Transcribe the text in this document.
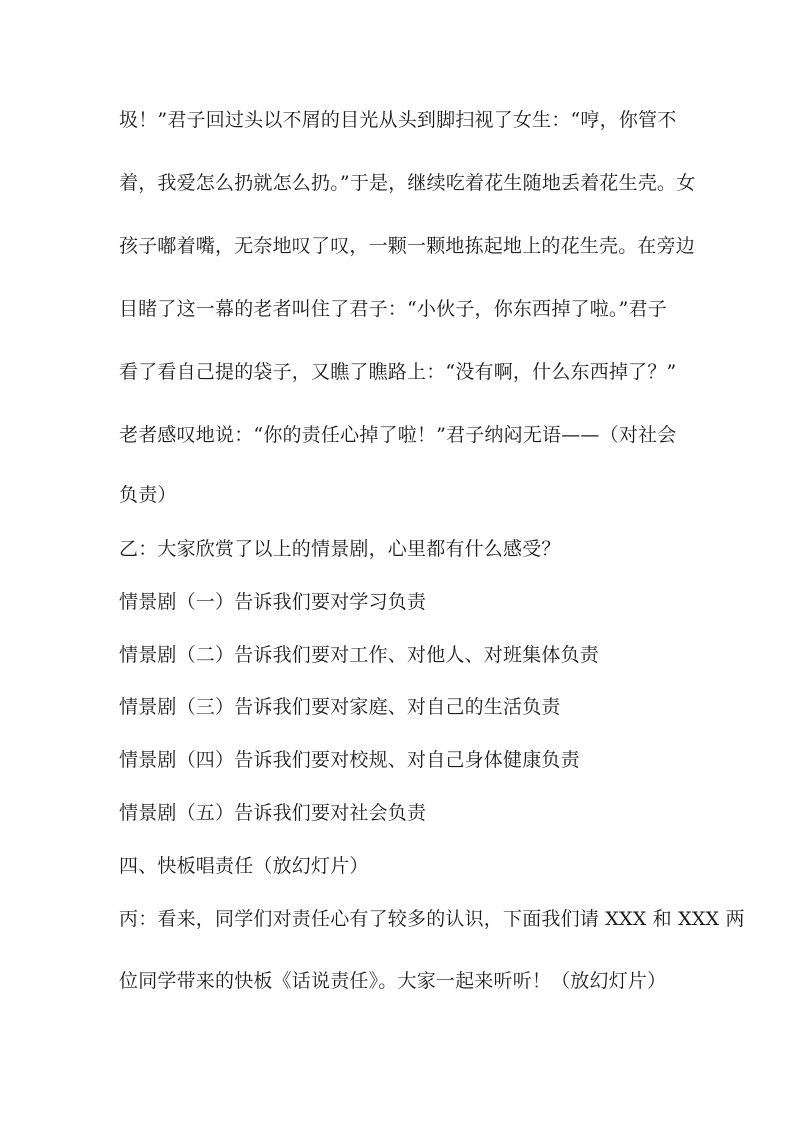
圾！”君子回过头以不屑的目光从头到脚扫视了女生：“哼，你管不
着，我爱怎么扔就怎么扔。”于是，继续吃着花生随地丢着花生壳。女
孩子嘟着嘴，无奈地叹了叹，一颗一颗地拣起地上的花生壳。在旁边
目睹了这一幕的老者叫住了君子：“小伙子，你东西掉了啦。”君子
看了看自己提的袋子，又瞧了瞧路上：“没有啊，什么东西掉了？”
老者感叹地说：“你的责任心掉了啦！”君子纳闷无语——（对社会
负责）
乙：大家欣赏了以上的情景剧，心里都有什么感受？
情景剧（一）告诉我们要对学习负责
情景剧（二）告诉我们要对工作、对他人、对班集体负责
情景剧（三）告诉我们要对家庭、对自己的生活负责
情景剧（四）告诉我们要对校规、对自己身体健康负责
情景剧（五）告诉我们要对社会负责
四、快板唱责任（放幻灯片）
丙：看来，同学们对责任心有了较多的认识，下面我们请 XXX 和 XXX 两
位同学带来的快板《话说责任》。大家一起来听听！（放幻灯片）
